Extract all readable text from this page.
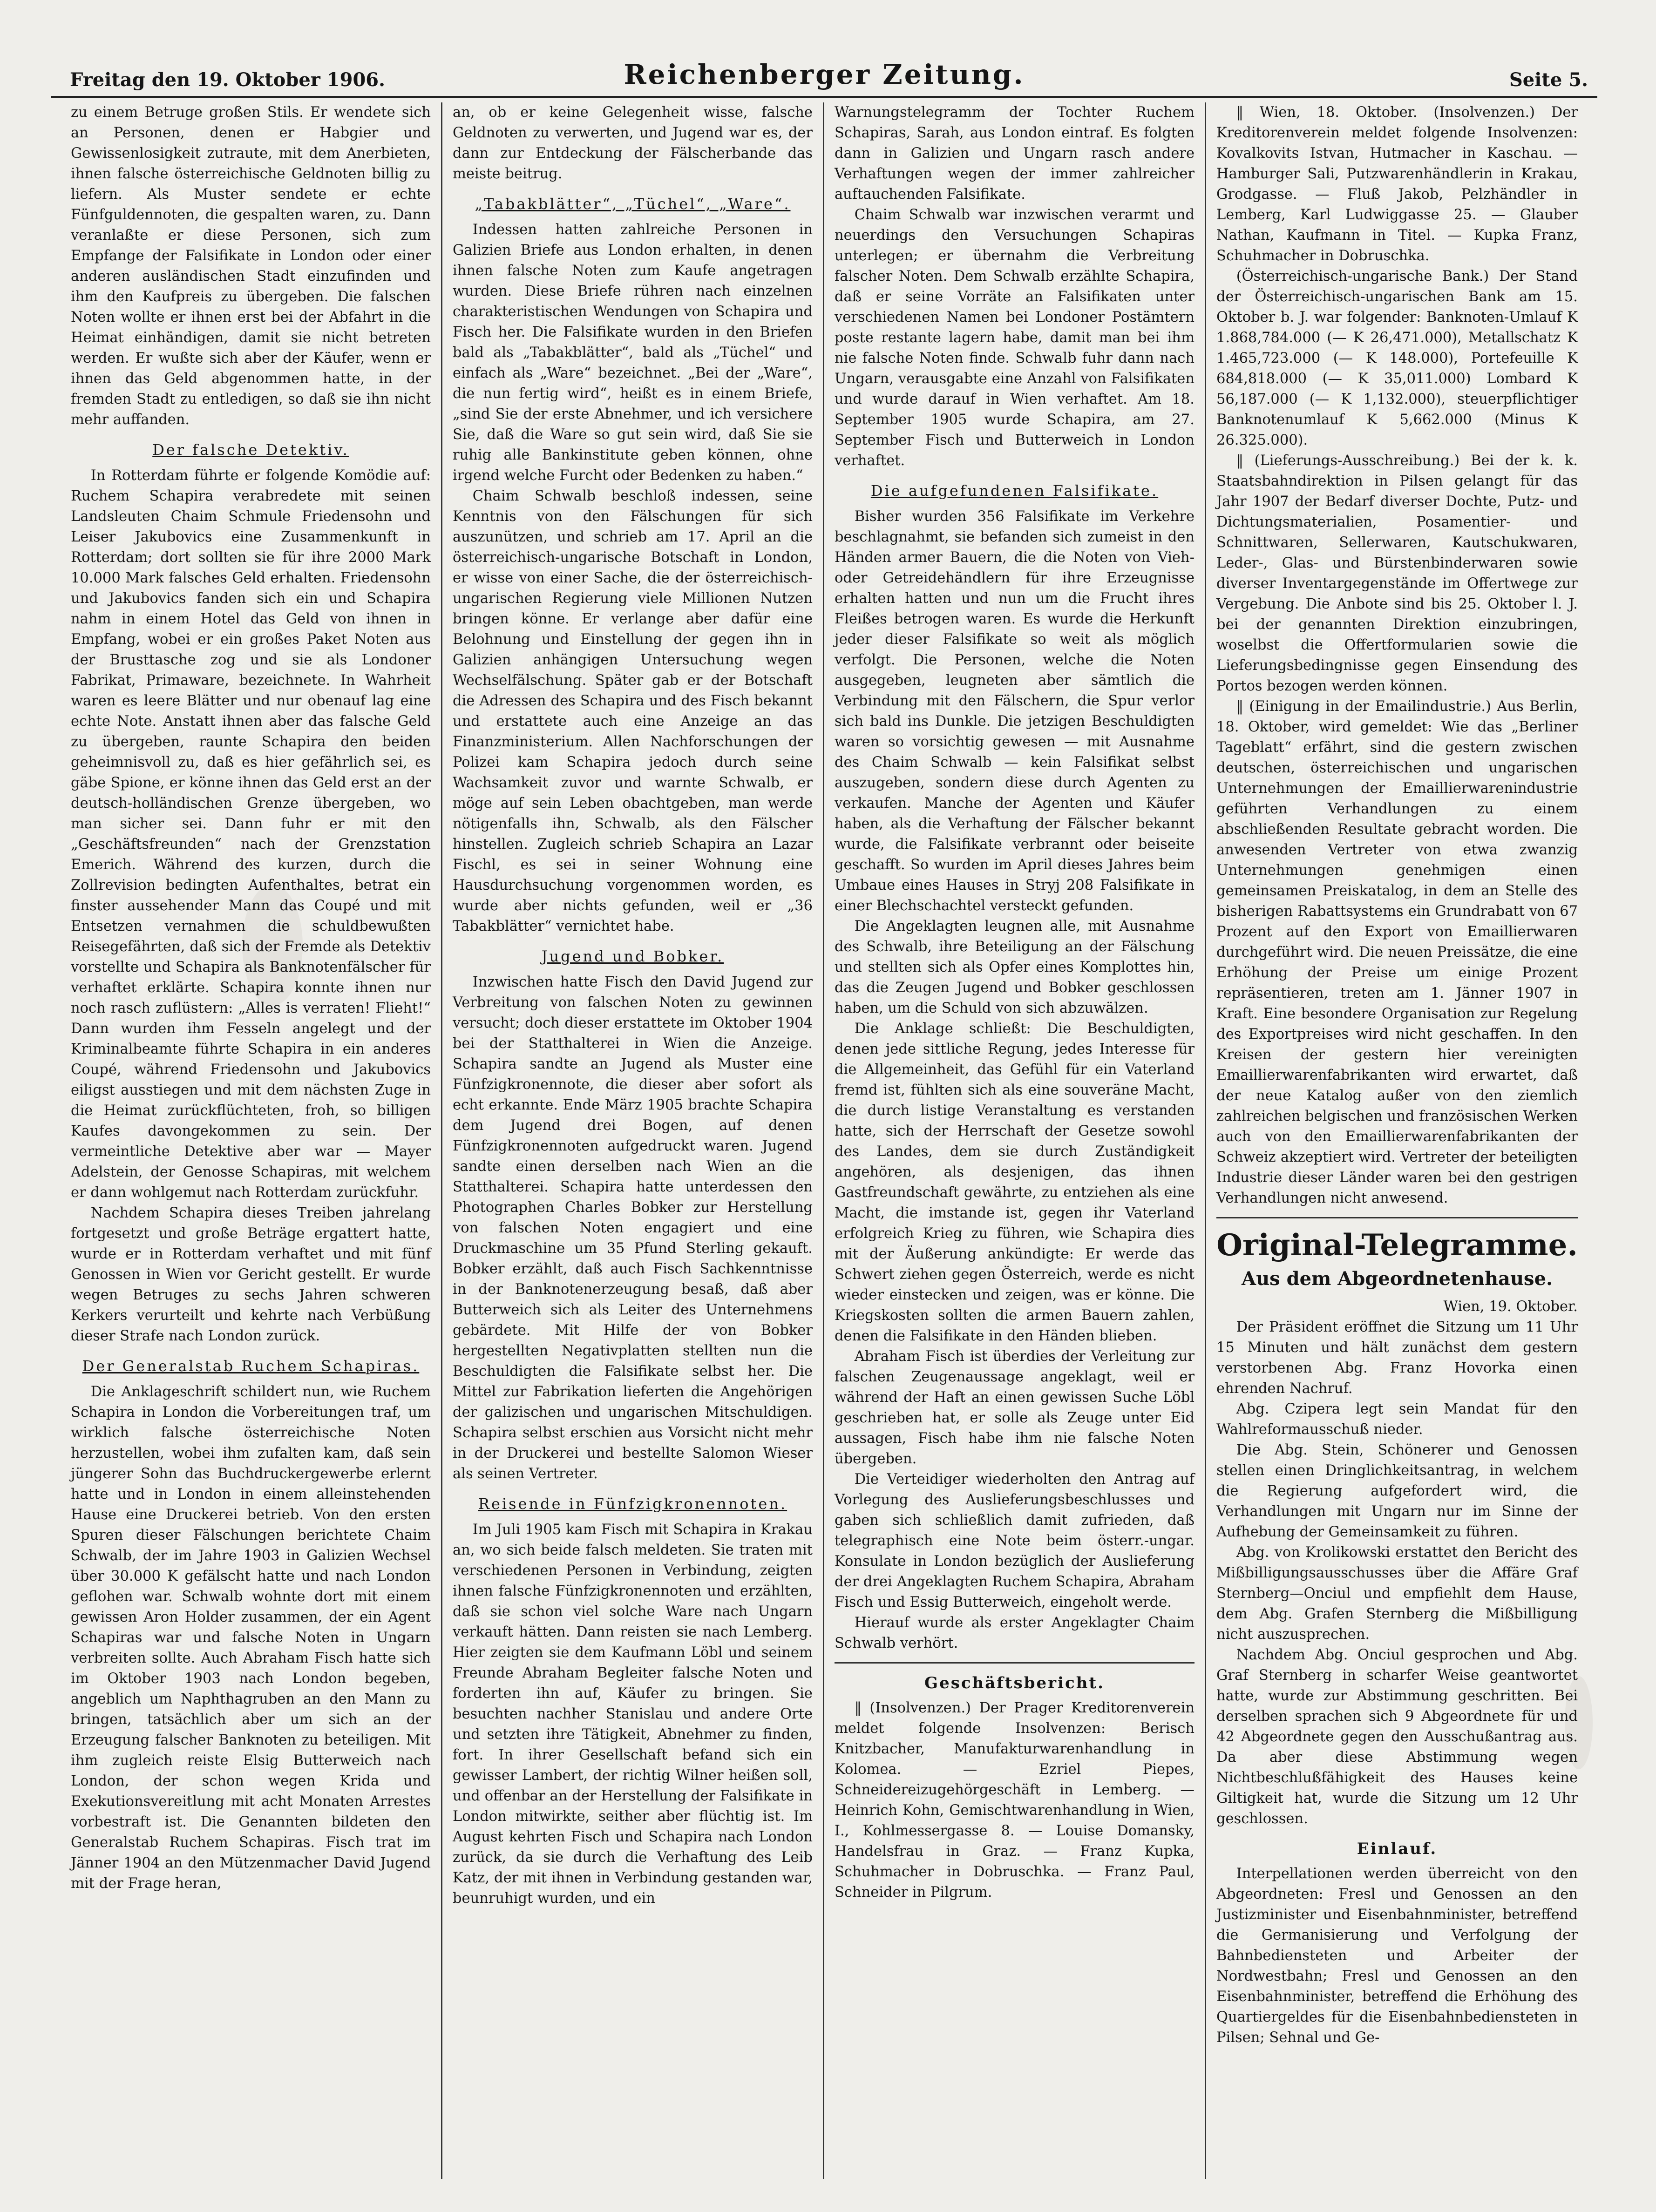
Freitag den 19. Oktober 1906.	Reichenberger Zeitung.	Seite 5.

zu einem Betruge großen Stils. Er wendete sich an Personen, denen er Habgier und Gewissenlosigkeit zutraute, mit dem Anerbieten, ihnen falsche österreichische Geldnoten billig zu liefern. Als Muster sendete er echte Fünfguldennoten, die gespalten waren, zu. Dann veranlaßte er diese Personen, sich zum Empfange der Falsifikate in London oder einer anderen ausländischen Stadt einzufinden und ihm den Kaufpreis zu übergeben. Die falschen Noten wollte er ihnen erst bei der Abfahrt in die Heimat einhändigen, damit sie nicht betreten werden. Er wußte sich aber der Käufer, wenn er ihnen das Geld abgenommen hatte, in der fremden Stadt zu entledigen, so daß sie ihn nicht mehr auffanden.

Der falsche Detektiv.

In Rotterdam führte er folgende Komödie auf: Ruchem Schapira verabredete mit seinen Landsleuten Chaim Schmule Friedensohn und Leiser Jakubovics eine Zusammenkunft in Rotterdam; dort sollten sie für ihre 2000 Mark 10.000 Mark falsches Geld erhalten. Friedensohn und Jakubovics fanden sich ein und Schapira nahm in einem Hotel das Geld von ihnen in Empfang, wobei er ein großes Paket Noten aus der Brusttasche zog und sie als Londoner Fabrikat, Primaware, bezeichnete. In Wahrheit waren es leere Blätter und nur obenauf lag eine echte Note. Anstatt ihnen aber das falsche Geld zu übergeben, raunte Schapira den beiden geheimnisvoll zu, daß es hier gefährlich sei, es gäbe Spione, er könne ihnen das Geld erst an der deutsch-holländischen Grenze übergeben, wo man sicher sei. Dann fuhr er mit den „Geschäftsfreunden“ nach der Grenzstation Emerich. Während des kurzen, durch die Zollrevision bedingten Aufenthaltes, betrat ein finster aussehender Mann das Coupé und mit Entsetzen vernahmen die schuldbewußten Reisegefährten, daß sich der Fremde als Detektiv vorstellte und Schapira als Banknotenfälscher für verhaftet erklärte. Schapira konnte ihnen nur noch rasch zuflüstern: „Alles is verraten! Flieht!“ Dann wurden ihm Fesseln angelegt und der Kriminalbeamte führte Schapira in ein anderes Coupé, während Friedensohn und Jakubovics eiligst ausstiegen und mit dem nächsten Zuge in die Heimat zurückflüchteten, froh, so billigen Kaufes davongekommen zu sein. Der vermeintliche Detektive aber war — Mayer Adelstein, der Genosse Schapiras, mit welchem er dann wohlgemut nach Rotterdam zurückfuhr.

Nachdem Schapira dieses Treiben jahrelang fortgesetzt und große Beträge ergattert hatte, wurde er in Rotterdam verhaftet und mit fünf Genossen in Wien vor Gericht gestellt. Er wurde wegen Betruges zu sechs Jahren schweren Kerkers verurteilt und kehrte nach Verbüßung dieser Strafe nach London zurück.

Der Generalstab Ruchem Schapiras.

Die Anklageschrift schildert nun, wie Ruchem Schapira in London die Vorbereitungen traf, um wirklich falsche österreichische Noten herzustellen, wobei ihm zufalten kam, daß sein jüngerer Sohn das Buchdruckergewerbe erlernt hatte und in London in einem alleinstehenden Hause eine Druckerei betrieb. Von den ersten Spuren dieser Fälschungen berichtete Chaim Schwalb, der im Jahre 1903 in Galizien Wechsel über 30.000 K gefälscht hatte und nach London geflohen war. Schwalb wohnte dort mit einem gewissen Aron Holder zusammen, der ein Agent Schapiras war und falsche Noten in Ungarn verbreiten sollte. Auch Abraham Fisch hatte sich im Oktober 1903 nach London begeben, angeblich um Naphthagruben an den Mann zu bringen, tatsächlich aber um sich an der Erzeugung falscher Banknoten zu beteiligen. Mit ihm zugleich reiste Elsig Butterweich nach London, der schon wegen Krida und Exekutionsvereitlung mit acht Monaten Arrestes vorbestraft ist. Die Genannten bildeten den Generalstab Ruchem Schapiras. Fisch trat im Jänner 1904 an den Mützenmacher David Jugend mit der Frage heran,

an, ob er keine Gelegenheit wisse, falsche Geldnoten zu verwerten, und Jugend war es, der dann zur Entdeckung der Fälscherbande das meiste beitrug.

„Tabakblätter“, „Tüchel“, „Ware“.

Indessen hatten zahlreiche Personen in Galizien Briefe aus London erhalten, in denen ihnen falsche Noten zum Kaufe angetragen wurden. Diese Briefe rühren nach einzelnen charakteristischen Wendungen von Schapira und Fisch her. Die Falsifikate wurden in den Briefen bald als „Tabakblätter“, bald als „Tüchel“ und einfach als „Ware“ bezeichnet. „Bei der „Ware“, die nun fertig wird“, heißt es in einem Briefe, „sind Sie der erste Abnehmer, und ich versichere Sie, daß die Ware so gut sein wird, daß Sie sie ruhig alle Bankinstitute geben können, ohne irgend welche Furcht oder Bedenken zu haben.“

Chaim Schwalb beschloß indessen, seine Kenntnis von den Fälschungen für sich auszunützen, und schrieb am 17. April an die österreichisch-ungarische Botschaft in London, er wisse von einer Sache, die der österreichisch-ungarischen Regierung viele Millionen Nutzen bringen könne. Er verlange aber dafür eine Belohnung und Einstellung der gegen ihn in Galizien anhängigen Untersuchung wegen Wechselfälschung. Später gab er der Botschaft die Adressen des Schapira und des Fisch bekannt und erstattete auch eine Anzeige an das Finanzministerium. Allen Nachforschungen der Polizei kam Schapira jedoch durch seine Wachsamkeit zuvor und warnte Schwalb, er möge auf sein Leben obachtgeben, man werde nötigenfalls ihn, Schwalb, als den Fälscher hinstellen. Zugleich schrieb Schapira an Lazar Fischl, es sei in seiner Wohnung eine Hausdurchsuchung vorgenommen worden, es wurde aber nichts gefunden, weil er „36 Tabakblätter“ vernichtet habe.

Jugend und Bobker.

Inzwischen hatte Fisch den David Jugend zur Verbreitung von falschen Noten zu gewinnen versucht; doch dieser erstattete im Oktober 1904 bei der Statthalterei in Wien die Anzeige. Schapira sandte an Jugend als Muster eine Fünfzigkronennote, die dieser aber sofort als echt erkannte. Ende März 1905 brachte Schapira dem Jugend drei Bogen, auf denen Fünfzigkronennoten aufgedruckt waren. Jugend sandte einen derselben nach Wien an die Statthalterei. Schapira hatte unterdessen den Photographen Charles Bobker zur Herstellung von falschen Noten engagiert und eine Druckmaschine um 35 Pfund Sterling gekauft. Bobker erzählt, daß auch Fisch Sachkenntnisse in der Banknotenerzeugung besaß, daß aber Butterweich sich als Leiter des Unternehmens gebärdete. Mit Hilfe der von Bobker hergestellten Negativplatten stellten nun die Beschuldigten die Falsifikate selbst her. Die Mittel zur Fabrikation lieferten die Angehörigen der galizischen und ungarischen Mitschuldigen. Schapira selbst erschien aus Vorsicht nicht mehr in der Druckerei und bestellte Salomon Wieser als seinen Vertreter.

Reisende in Fünfzigkronennoten.

Im Juli 1905 kam Fisch mit Schapira in Krakau an, wo sich beide falsch meldeten. Sie traten mit verschiedenen Personen in Verbindung, zeigten ihnen falsche Fünfzigkronennoten und erzählten, daß sie schon viel solche Ware nach Ungarn verkauft hätten. Dann reisten sie nach Lemberg. Hier zeigten sie dem Kaufmann Löbl und seinem Freunde Abraham Begleiter falsche Noten und forderten ihn auf, Käufer zu bringen. Sie besuchten nachher Stanislau und andere Orte und setzten ihre Tätigkeit, Abnehmer zu finden, fort. In ihrer Gesellschaft befand sich ein gewisser Lambert, der richtig Wilner heißen soll, und offenbar an der Herstellung der Falsifikate in London mitwirkte, seither aber flüchtig ist. Im August kehrten Fisch und Schapira nach London zurück, da sie durch die Verhaftung des Leib Katz, der mit ihnen in Verbindung gestanden war, beunruhigt wurden, und ein

Warnungstelegramm der Tochter Ruchem Schapiras, Sarah, aus London eintraf. Es folgten dann in Galizien und Ungarn rasch andere Verhaftungen wegen der immer zahlreicher auftauchenden Falsifikate.

Chaim Schwalb war inzwischen verarmt und neuerdings den Versuchungen Schapiras unterlegen; er übernahm die Verbreitung falscher Noten. Dem Schwalb erzählte Schapira, daß er seine Vorräte an Falsifikaten unter verschiedenen Namen bei Londoner Postämtern poste restante lagern habe, damit man bei ihm nie falsche Noten finde. Schwalb fuhr dann nach Ungarn, verausgabte eine Anzahl von Falsifikaten und wurde darauf in Wien verhaftet. Am 18. September 1905 wurde Schapira, am 27. September Fisch und Butterweich in London verhaftet.

Die aufgefundenen Falsifikate.

Bisher wurden 356 Falsifikate im Verkehre beschlagnahmt, sie befanden sich zumeist in den Händen armer Bauern, die die Noten von Vieh- oder Getreidehändlern für ihre Erzeugnisse erhalten hatten und nun um die Frucht ihres Fleißes betrogen waren. Es wurde die Herkunft jeder dieser Falsifikate so weit als möglich verfolgt. Die Personen, welche die Noten ausgegeben, leugneten aber sämtlich die Verbindung mit den Fälschern, die Spur verlor sich bald ins Dunkle. Die jetzigen Beschuldigten waren so vorsichtig gewesen — mit Ausnahme des Chaim Schwalb — kein Falsifikat selbst auszugeben, sondern diese durch Agenten zu verkaufen. Manche der Agenten und Käufer haben, als die Verhaftung der Fälscher bekannt wurde, die Falsifikate verbrannt oder beiseite geschafft. So wurden im April dieses Jahres beim Umbaue eines Hauses in Stryj 208 Falsifikate in einer Blechschachtel versteckt gefunden.

Die Angeklagten leugnen alle, mit Ausnahme des Schwalb, ihre Beteiligung an der Fälschung und stellten sich als Opfer eines Komplottes hin, das die Zeugen Jugend und Bobker geschlossen haben, um die Schuld von sich abzuwälzen.

Die Anklage schließt: Die Beschuldigten, denen jede sittliche Regung, jedes Interesse für die Allgemeinheit, das Gefühl für ein Vaterland fremd ist, fühlten sich als eine souveräne Macht, die durch listige Veranstaltung es verstanden hatte, sich der Herrschaft der Gesetze sowohl des Landes, dem sie durch Zuständigkeit angehören, als desjenigen, das ihnen Gastfreundschaft gewährte, zu entziehen als eine Macht, die imstande ist, gegen ihr Vaterland erfolgreich Krieg zu führen, wie Schapira dies mit der Äußerung ankündigte: Er werde das Schwert ziehen gegen Österreich, werde es nicht wieder einstecken und zeigen, was er könne. Die Kriegskosten sollten die armen Bauern zahlen, denen die Falsifikate in den Händen blieben.

Abraham Fisch ist überdies der Verleitung zur falschen Zeugenaussage angeklagt, weil er während der Haft an einen gewissen Suche Löbl geschrieben hat, er solle als Zeuge unter Eid aussagen, Fisch habe ihm nie falsche Noten übergeben.

Die Verteidiger wiederholten den Antrag auf Vorlegung des Auslieferungsbeschlusses und gaben sich schließlich damit zufrieden, daß telegraphisch eine Note beim österr.-ungar. Konsulate in London bezüglich der Auslieferung der drei Angeklagten Ruchem Schapira, Abraham Fisch und Essig Butterweich, eingeholt werde.

Hierauf wurde als erster Angeklagter Chaim Schwalb verhört.

Geschäftsbericht.

‖ (Insolvenzen.) Der Prager Kreditorenverein meldet folgende Insolvenzen: Berisch Knitzbacher, Manufakturwarenhandlung in Kolomea. — Ezriel Piepes, Schneidereizugehörgeschäft in Lemberg. — Heinrich Kohn, Gemischtwarenhandlung in Wien, I., Kohlmessergasse 8. — Louise Domansky, Handelsfrau in Graz. — Franz Kupka, Schuhmacher in Dobruschka. — Franz Paul, Schneider in Pilgrum.

‖ Wien, 18. Oktober. (Insolvenzen.) Der Kreditorenverein meldet folgende Insolvenzen: Kovalkovits Istvan, Hutmacher in Kaschau. — Hamburger Sali, Putzwarenhändlerin in Krakau, Grodgasse. — Fluß Jakob, Pelzhändler in Lemberg, Karl Ludwiggasse 25. — Glauber Nathan, Kaufmann in Titel. — Kupka Franz, Schuhmacher in Dobruschka.

(Österreichisch-ungarische Bank.) Der Stand der Österreichisch-ungarischen Bank am 15. Oktober b. J. war folgender: Banknoten-Umlauf K 1.868,784.000 (— K 26,471.000), Metallschatz K 1.465,723.000 (— K 148.000), Portefeuille K 684,818.000 (— K 35,011.000) Lombard K 56,187.000 (— K 1,132.000), steuerpflichtiger Banknotenumlauf K 5,662.000 (Minus K 26.325.000).

‖ (Lieferungs-Ausschreibung.) Bei der k. k. Staatsbahndirektion in Pilsen gelangt für das Jahr 1907 der Bedarf diverser Dochte, Putz- und Dichtungsmaterialien, Posamentier- und Schnittwaren, Sellerwaren, Kautschukwaren, Leder-, Glas- und Bürstenbinderwaren sowie diverser Inventargegenstände im Offertwege zur Vergebung. Die Anbote sind bis 25. Oktober l. J. bei der genannten Direktion einzubringen, woselbst die Offertformularien sowie die Lieferungsbedingnisse gegen Einsendung des Portos bezogen werden können.

‖ (Einigung in der Emailindustrie.) Aus Berlin, 18. Oktober, wird gemeldet: Wie das „Berliner Tageblatt“ erfährt, sind die gestern zwischen deutschen, österreichischen und ungarischen Unternehmungen der Emaillierwarenindustrie geführten Verhandlungen zu einem abschließenden Resultate gebracht worden. Die anwesenden Vertreter von etwa zwanzig Unternehmungen genehmigen einen gemeinsamen Preiskatalog, in dem an Stelle des bisherigen Rabattsystems ein Grundrabatt von 67 Prozent auf den Export von Emaillierwaren durchgeführt wird. Die neuen Preissätze, die eine Erhöhung der Preise um einige Prozent repräsentieren, treten am 1. Jänner 1907 in Kraft. Eine besondere Organisation zur Regelung des Exportpreises wird nicht geschaffen. In den Kreisen der gestern hier vereinigten Emaillierwarenfabrikanten wird erwartet, daß der neue Katalog außer von den ziemlich zahlreichen belgischen und französischen Werken auch von den Emaillierwarenfabrikanten der Schweiz akzeptiert wird. Vertreter der beteiligten Industrie dieser Länder waren bei den gestrigen Verhandlungen nicht anwesend.

Original-Telegramme.
Aus dem Abgeordnetenhause.

Wien, 19. Oktober.

Der Präsident eröffnet die Sitzung um 11 Uhr 15 Minuten und hält zunächst dem gestern verstorbenen Abg. Franz Hovorka einen ehrenden Nachruf.

Abg. Czipera legt sein Mandat für den Wahlreformausschuß nieder.

Die Abg. Stein, Schönerer und Genossen stellen einen Dringlichkeitsantrag, in welchem die Regierung aufgefordert wird, die Verhandlungen mit Ungarn nur im Sinne der Aufhebung der Gemeinsamkeit zu führen.

Abg. von Krolikowski erstattet den Bericht des Mißbilligungsausschusses über die Affäre Graf Sternberg—Onciul und empfiehlt dem Hause, dem Abg. Grafen Sternberg die Mißbilligung nicht auszusprechen.

Nachdem Abg. Onciul gesprochen und Abg. Graf Sternberg in scharfer Weise geantwortet hatte, wurde zur Abstimmung geschritten. Bei derselben sprachen sich 9 Abgeordnete für und 42 Abgeordnete gegen den Ausschußantrag aus. Da aber diese Abstimmung wegen Nichtbeschlußfähigkeit des Hauses keine Giltigkeit hat, wurde die Sitzung um 12 Uhr geschlossen.

Einlauf.

Interpellationen werden überreicht von den Abgeordneten: Fresl und Genossen an den Justizminister und Eisenbahnminister, betreffend die Germanisierung und Verfolgung der Bahnbediensteten und Arbeiter der Nordwestbahn; Fresl und Genossen an den Eisenbahnminister, betreffend die Erhöhung des Quartiergeldes für die Eisenbahnbediensteten in Pilsen; Sehnal und Ge-
